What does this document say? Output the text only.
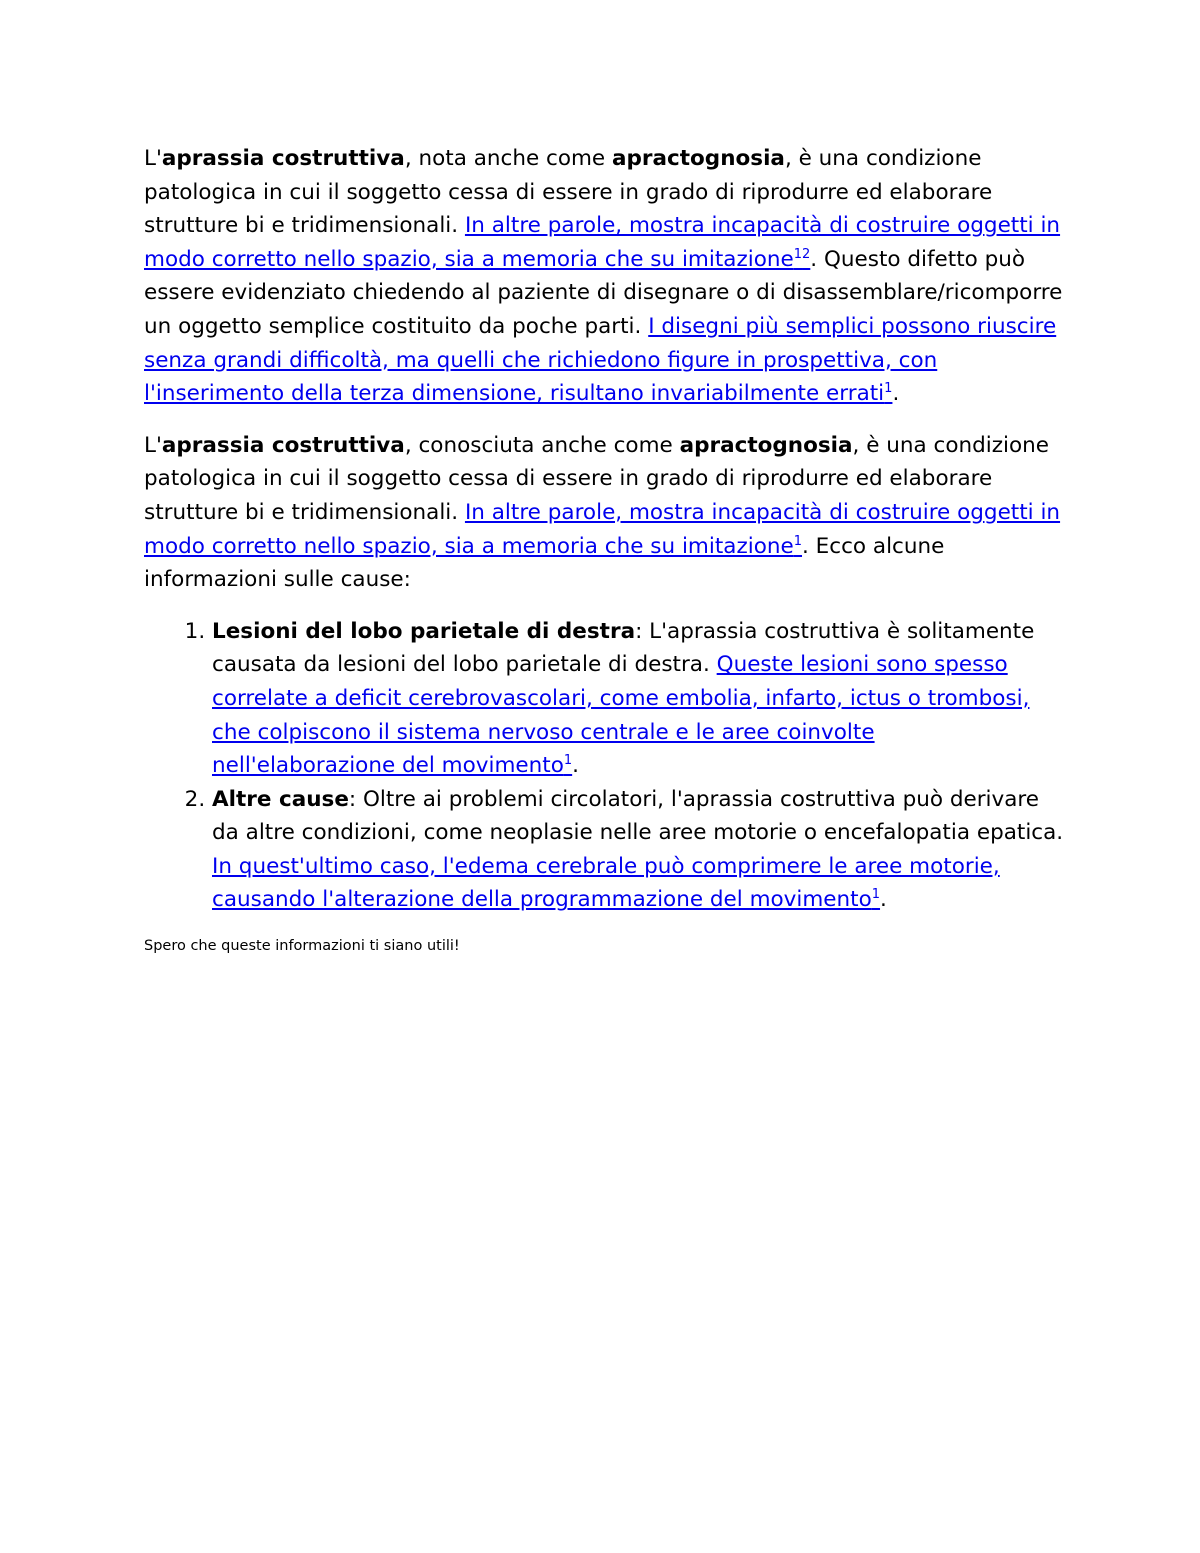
L'aprassia costruttiva, nota anche come apractognosia, è una condizione patologica in cui il soggetto cessa di essere in grado di riprodurre ed elaborare strutture bi e tridimensionali. In altre parole, mostra incapacità di costruire oggetti in modo corretto nello spazio, sia a memoria che su imitazione$^{12}$. Questo difetto può essere evidenziato chiedendo al paziente di disegnare o di disassemblare/ricomporre un oggetto semplice costituito da poche parti. I disegni più semplici possono riuscire senza grandi difficoltà, ma quelli che richiedono figure in prospettiva, con l'inserimento della terza dimensione, risultano invariabilmente errati$^1$.

L'aprassia costruttiva, conosciuta anche come apractognosia, è una condizione patologica in cui il soggetto cessa di essere in grado di riprodurre ed elaborare strutture bi e tridimensionali. In altre parole, mostra incapacità di costruire oggetti in modo corretto nello spazio, sia a memoria che su imitazione$^1$. Ecco alcune informazioni sulle cause:

1. Lesioni del lobo parietale di destra: L'aprassia costruttiva è solitamente causata da lesioni del lobo parietale di destra. Queste lesioni sono spesso correlate a deficit cerebrovascolari, come embolia, infarto, ictus o trombosi, che colpiscono il sistema nervoso centrale e le aree coinvolte nell'elaborazione del movimento$^1$.
2. Altre cause: Oltre ai problemi circolatori, l'aprassia costruttiva può derivare da altre condizioni, come neoplasie nelle aree motorie o encefalopatia epatica. In quest'ultimo caso, l'edema cerebrale può comprimere le aree motorie, causando l'alterazione della programmazione del movimento$^1$.

Spero che queste informazioni ti siano utili!
